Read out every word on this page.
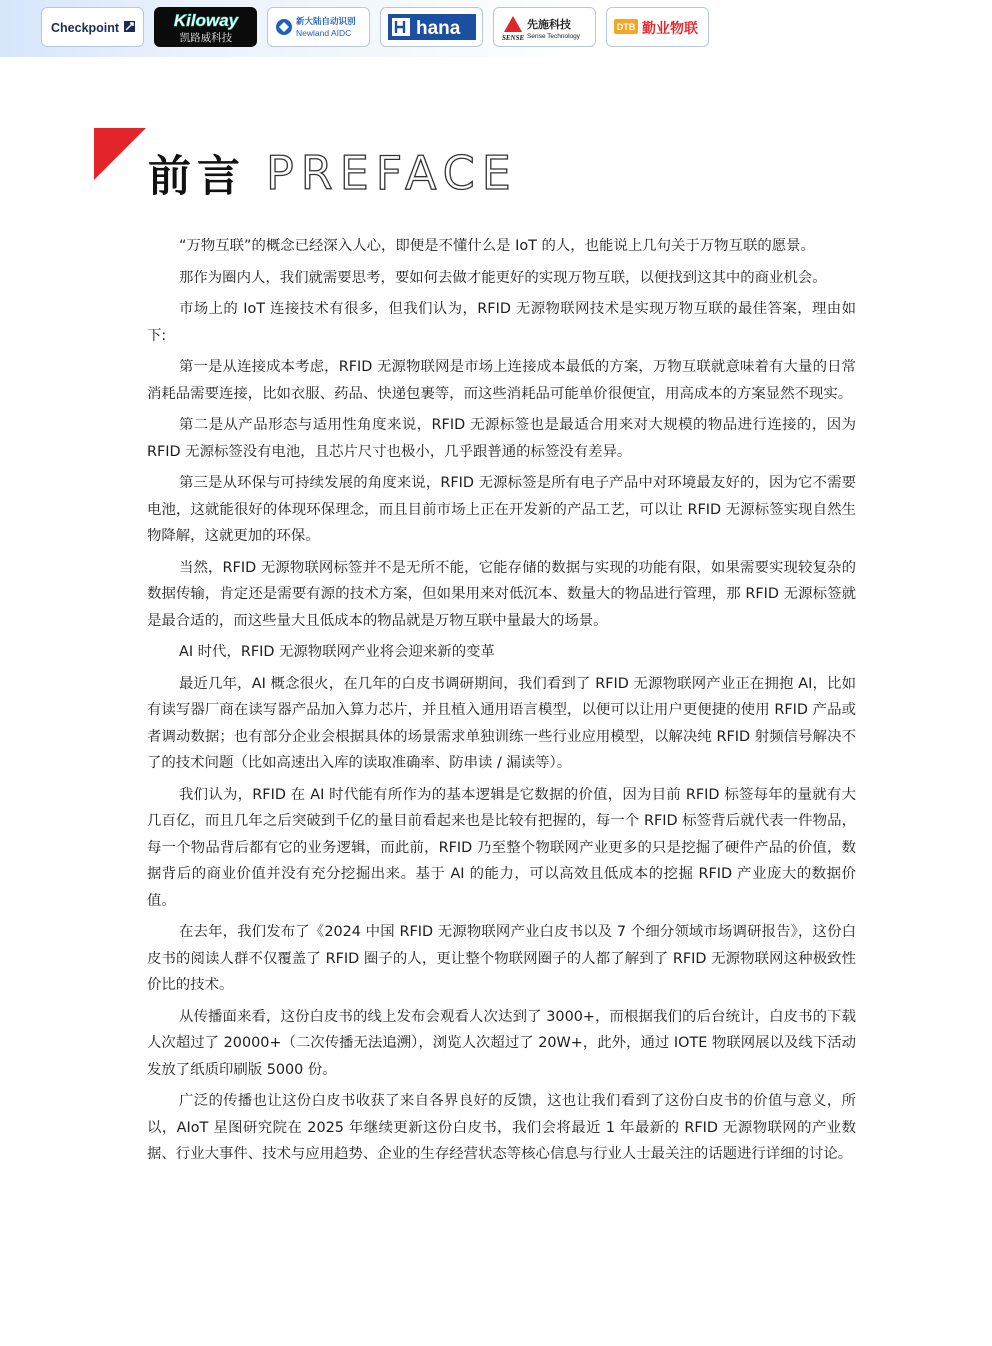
Checkpoint	Kiloway
凯路威科技
新大陆自动识别
Newland AIDC	hana	SENSE
先施科技
Sense Technology
DTB 勤业物联
前言 PREFACE

“万物互联”的概念已经深入人心，即便是不懂什么是 IoT 的人，也能说上几句关于万物互联的愿景。

那作为圈内人，我们就需要思考，要如何去做才能更好的实现万物互联，以便找到这其中的商业机会。

市场上的 IoT 连接技术有很多，但我们认为，RFID 无源物联网技术是实现万物互联的最佳答案，理由如下:

第一是从连接成本考虑，RFID 无源物联网是市场上连接成本最低的方案，万物互联就意味着有大量的日常消耗品需要连接，比如衣服、药品、快递包裹等，而这些消耗品可能单价很便宜，用高成本的方案显然不现实。

第二是从产品形态与适用性角度来说，RFID 无源标签也是最适合用来对大规模的物品进行连接的，因为 RFID 无源标签没有电池，且芯片尺寸也极小，几乎跟普通的标签没有差异。

第三是从环保与可持续发展的角度来说，RFID 无源标签是所有电子产品中对环境最友好的，因为它不需要电池，这就能很好的体现环保理念，而且目前市场上正在开发新的产品工艺，可以让 RFID 无源标签实现自然生物降解，这就更加的环保。

当然，RFID 无源物联网标签并不是无所不能，它能存储的数据与实现的功能有限，如果需要实现较复杂的数据传输，肯定还是需要有源的技术方案，但如果用来对低沉本、数量大的物品进行管理，那 RFID 无源标签就是最合适的，而这些量大且低成本的物品就是万物互联中量最大的场景。

AI 时代，RFID 无源物联网产业将会迎来新的变革

最近几年，AI 概念很火，在几年的白皮书调研期间，我们看到了 RFID 无源物联网产业正在拥抱 AI，比如有读写器厂商在读写器产品加入算力芯片，并且植入通用语言模型，以便可以让用户更便捷的使用 RFID 产品或者调动数据；也有部分企业会根据具体的场景需求单独训练一些行业应用模型，以解决纯 RFID 射频信号解决不了的技术问题（比如高速出入库的读取准确率、防串读 / 漏读等）。

我们认为，RFID 在 AI 时代能有所作为的基本逻辑是它数据的价值，因为目前 RFID 标签每年的量就有大几百亿，而且几年之后突破到千亿的量目前看起来也是比较有把握的，每一个 RFID 标签背后就代表一件物品，每一个物品背后都有它的业务逻辑，而此前，RFID 乃至整个物联网产业更多的只是挖掘了硬件产品的价值，数据背后的商业价值并没有充分挖掘出来。基于 AI 的能力，可以高效且低成本的挖掘 RFID 产业庞大的数据价值。

在去年，我们发布了《2024 中国 RFID 无源物联网产业白皮书以及 7 个细分领域市场调研报告》，这份白皮书的阅读人群不仅覆盖了 RFID 圈子的人，更让整个物联网圈子的人都了解到了 RFID 无源物联网这种极致性价比的技术。

从传播面来看，这份白皮书的线上发布会观看人次达到了 3000+，而根据我们的后台统计，白皮书的下载人次超过了 20000+（二次传播无法追溯），浏览人次超过了 20W+，此外，通过 IOTE 物联网展以及线下活动发放了纸质印刷版 5000 份。

广泛的传播也让这份白皮书收获了来自各界良好的反馈，这也让我们看到了这份白皮书的价值与意义，所以，AIoT 星图研究院在 2025 年继续更新这份白皮书，我们会将最近 1 年最新的 RFID 无源物联网的产业数据、行业大事件、技术与应用趋势、企业的生存经营状态等核心信息与行业人士最关注的话题进行详细的讨论。
